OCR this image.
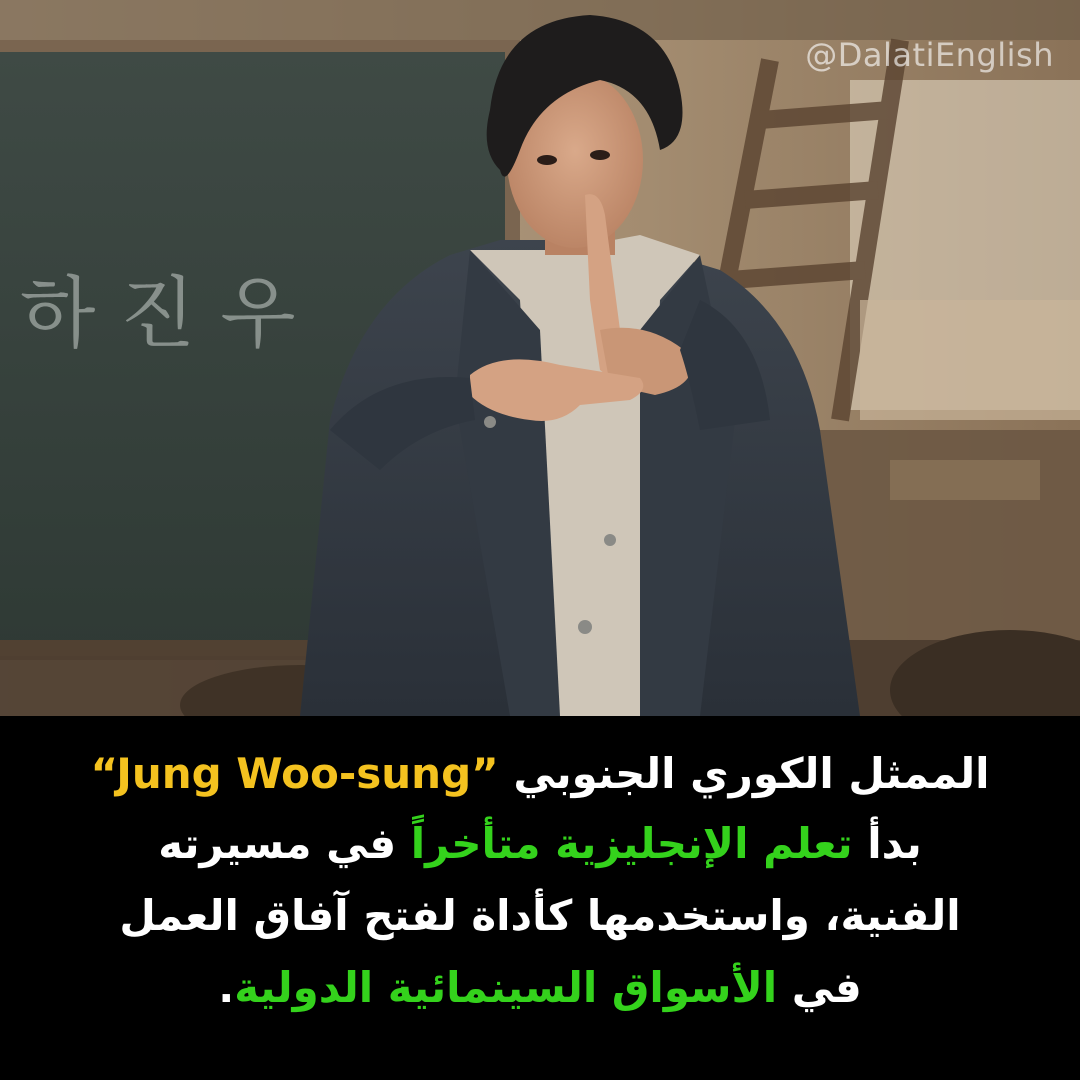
하 진 우
@DalatiEnglish
الممثل الكوري الجنوبي “Jung Woo-sung”
بدأ تعلم الإنجليزية متأخراً في مسيرته
الفنية، واستخدمها كأداة لفتح آفاق العمل
في الأسواق السينمائية الدولية.
